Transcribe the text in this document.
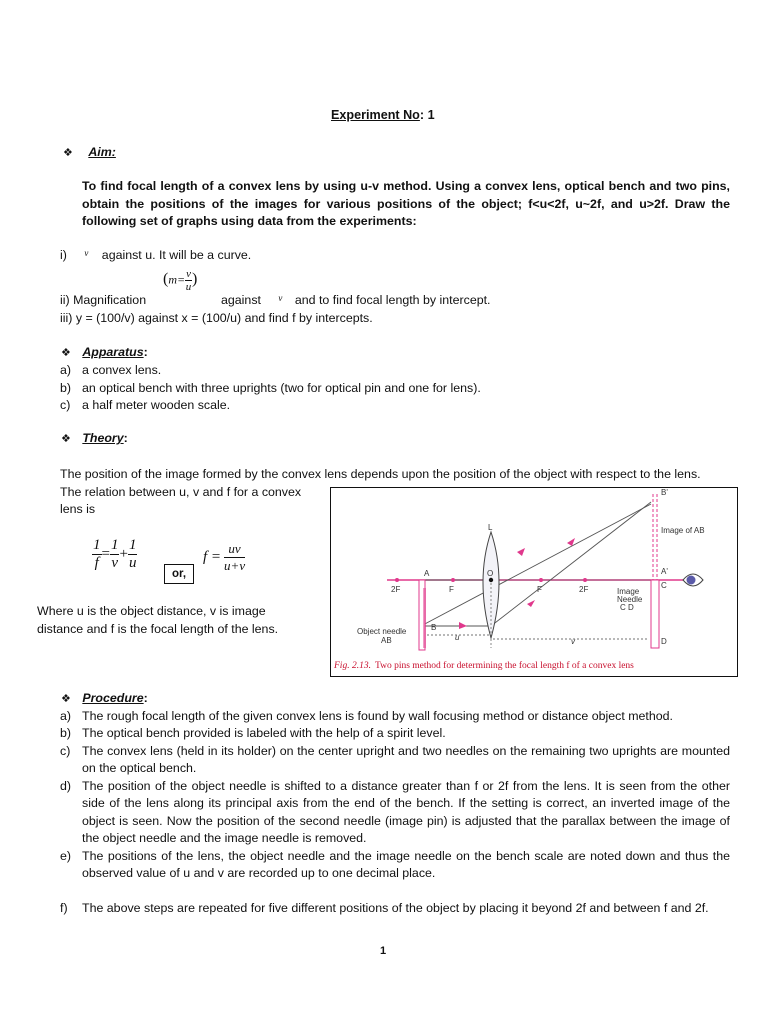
Experiment No: 1
❖ Aim:
To find focal length of a convex lens by using u-v method. Using a convex lens, optical bench and two pins, obtain the positions of the images for various positions of the object; f<u<2f, u~2f, and u>2f. Draw the following set of graphs using data from the experiments:
i) $^v$ against u. It will be a curve.
($m= \frac{v}{u}$ )
ii) Magnification	against $^v$ and to find focal length by intercept.
iii) y = (100/v) against x = (100/u) and find f by intercepts.
❖ Apparatus:
a) a convex lens.
b) an optical bench with three uprights (two for optical pin and one for lens).
c) a half meter wooden scale.
❖ Theory:
The position of the image formed by the convex lens depends upon the position of the object with respect to the lens.
The relation between u, v and f for a convex
lens is
$\frac{1}{f} = \frac{1}{v} + \frac{1}{u}$
or,
$f = \frac{uv}{u+v}$
Where u is the object distance, v is image
distance and f is the focal length of the lens.
B'
Image of AB
L
A'
C
A	O
2F	F	F	2F	Image
Needle
C D
Object needle
AB
B
u	v	D
Fig. 2.13. Two pins method for determining the focal length f of a convex lens
❖ Procedure:
a) The rough focal length of the given convex lens is found by wall focusing method or distance object method.
b) The optical bench provided is labeled with the help of a spirit level.
c) The convex lens (held in its holder) on the center upright and two needles on the remaining two uprights are mounted on the optical bench.
d) The position of the object needle is shifted to a distance greater than f or 2f from the lens. It is seen from the other side of the lens along its principal axis from the end of the bench. If the setting is correct, an inverted image of the object is seen. Now the position of the second needle (image pin) is adjusted that the parallax between the image of the object needle and the image needle is removed.
e) The positions of the lens, the object needle and the image needle on the bench scale are noted down and thus the observed value of u and v are recorded up to one decimal place.
f) The above steps are repeated for five different positions of the object by placing it beyond 2f and between f and 2f.
1
